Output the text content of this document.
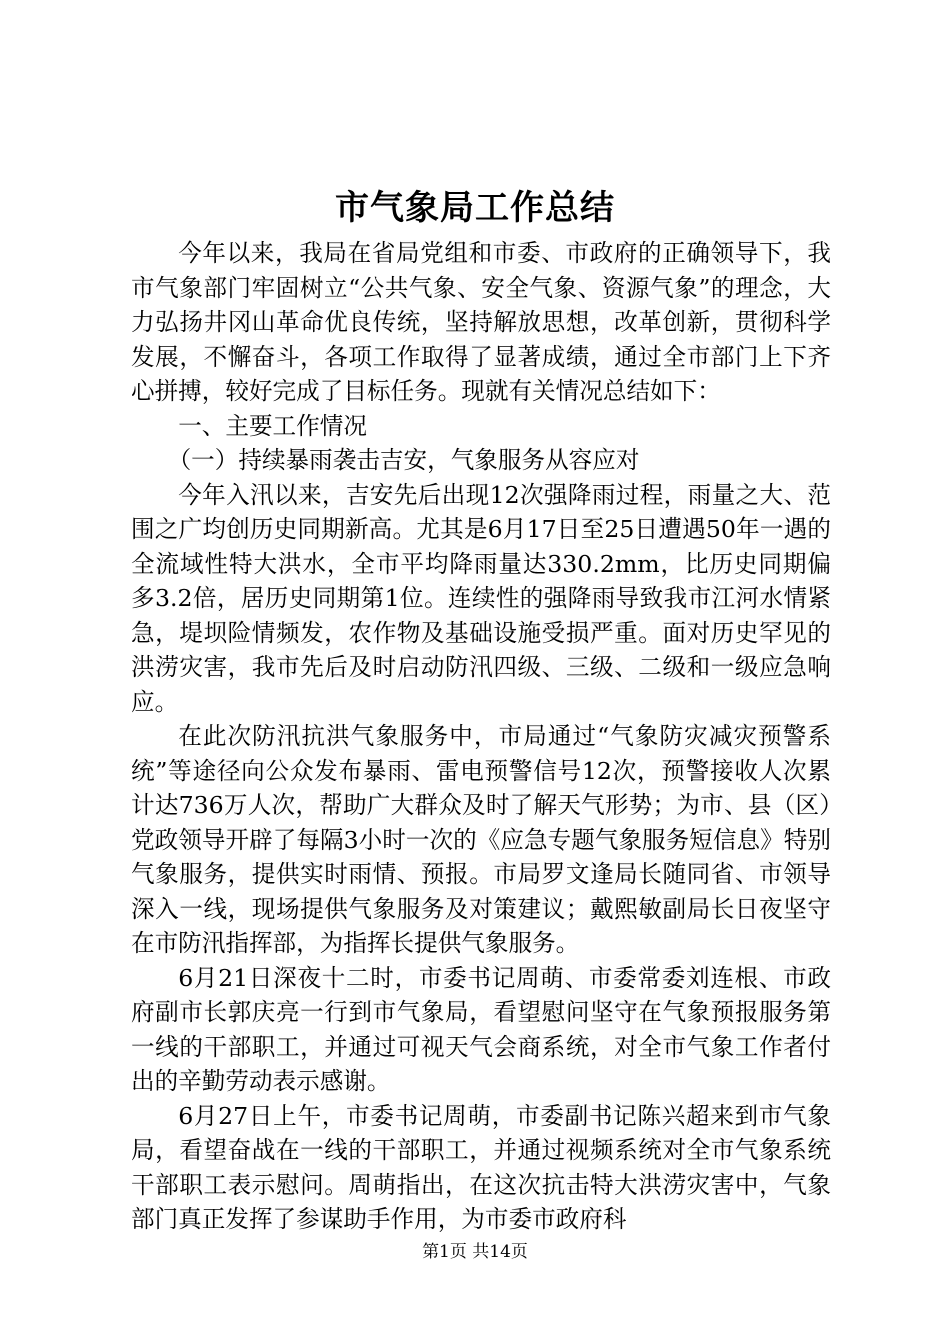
市气象局工作总结

今年以来，我局在省局党组和市委、市政府的正确领导下，我市气象部门牢固树立“公共气象、安全气象、资源气象”的理念，大力弘扬井冈山革命优良传统，坚持解放思想，改革创新，贯彻科学发展，不懈奋斗，各项工作取得了显著成绩，通过全市部门上下齐心拼搏，较好完成了目标任务。现就有关情况总结如下：

一、主要工作情况

（一）持续暴雨袭击吉安，气象服务从容应对

今年入汛以来，吉安先后出现12次强降雨过程，雨量之大、范围之广均创历史同期新高。尤其是6月17日至25日遭遇50年一遇的全流域性特大洪水，全市平均降雨量达330.2mm，比历史同期偏多3.2倍，居历史同期第1位。连续性的强降雨导致我市江河水情紧急，堤坝险情频发，农作物及基础设施受损严重。面对历史罕见的洪涝灾害，我市先后及时启动防汛四级、三级、二级和一级应急响应。

在此次防汛抗洪气象服务中，市局通过“气象防灾减灾预警系统”等途径向公众发布暴雨、雷电预警信号12次，预警接收人次累计达736万人次，帮助广大群众及时了解天气形势；为市、县（区）党政领导开辟了每隔3小时一次的《应急专题气象服务短信息》特别气象服务，提供实时雨情、预报。市局罗文逢局长随同省、市领导深入一线，现场提供气象服务及对策建议；戴熙敏副局长日夜坚守在市防汛指挥部，为指挥长提供气象服务。

6月21日深夜十二时，市委书记周萌、市委常委刘连根、市政府副市长郭庆亮一行到市气象局，看望慰问坚守在气象预报服务第一线的干部职工，并通过可视天气会商系统，对全市气象工作者付出的辛勤劳动表示感谢。

6月27日上午，市委书记周萌，市委副书记陈兴超来到市气象局，看望奋战在一线的干部职工，并通过视频系统对全市气象系统干部职工表示慰问。周萌指出，在这次抗击特大洪涝灾害中，气象部门真正发挥了参谋助手作用，为市委市政府科

第1页 共14页
